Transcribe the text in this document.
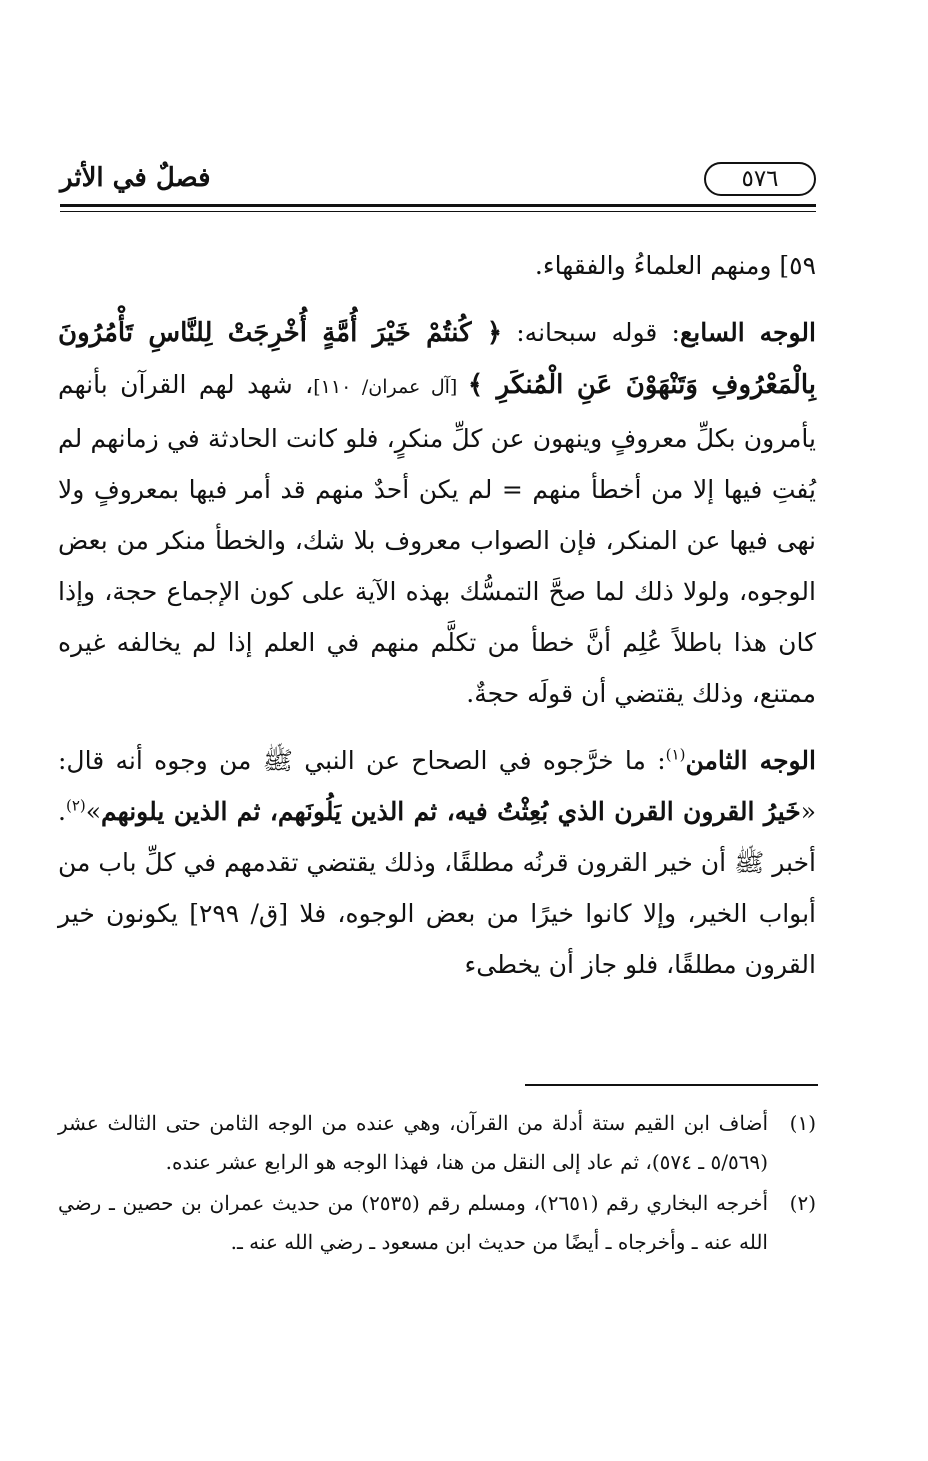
٥٧٦
فصلٌ في الأثر

٥٩] ومنهم العلماءُ والفقهاء.

الوجه السابع: قوله سبحانه: ﴿ كُنتُمْ خَيْرَ أُمَّةٍ أُخْرِجَتْ لِلنَّاسِ تَأْمُرُونَ بِالْمَعْرُوفِ وَتَنْهَوْنَ عَنِ الْمُنكَرِ ﴾ [آل عمران/ ١١٠]، شهد لهم القرآن بأنهم يأمرون بكلِّ معروفٍ وينهون عن كلِّ منكرٍ، فلو كانت الحادثة في زمانهم لم يُفتِ فيها إلا من أخطأ منهم = لم يكن أحدٌ منهم قد أمر فيها بمعروفٍ ولا نهى فيها عن المنكر، فإن الصواب معروف بلا شك، والخطأ منكر من بعض الوجوه، ولولا ذلك لما صحَّ التمسُّك بهذه الآية على كون الإجماع حجة، وإذا كان هذا باطلاً عُلِم أنَّ خطأ من تكلَّم منهم في العلم إذا لم يخالفه غيره ممتنع، وذلك يقتضي أن قولَه حجةٌ.

الوجه الثامن$^{(١)}$: ما خرَّجوه في الصحاح عن النبي ﷺ من وجوه أنه قال: «خَيرُ القرون القرن الذي بُعِثْتُ فيه، ثم الذين يَلُونَهم، ثم الذين يلونهم»$^{(٢)}$. أخبر ﷺ أن خير القرون قرنُه مطلقًا، وذلك يقتضي تقدمهم في كلِّ باب من أبواب الخير، وإلا كانوا خيرًا من بعض الوجوه، فلا [ق/ ٢٩٩] يكونون خير القرون مطلقًا، فلو جاز أن يخطىء

(١)
أضاف ابن القيم ستة أدلة من القرآن، وهي عنده من الوجه الثامن حتى الثالث عشر (٥/٥٦٩ ـ ٥٧٤)، ثم عاد إلى النقل من هنا، فهذا الوجه هو الرابع عشر عنده.
(٢)
أخرجه البخاري رقم (٢٦٥١)، ومسلم رقم (٢٥٣٥) من حديث عمران بن حصين ـ رضي الله عنه ـ وأخرجاه ـ أيضًا من حديث ابن مسعود ـ رضي الله عنه ـ.
